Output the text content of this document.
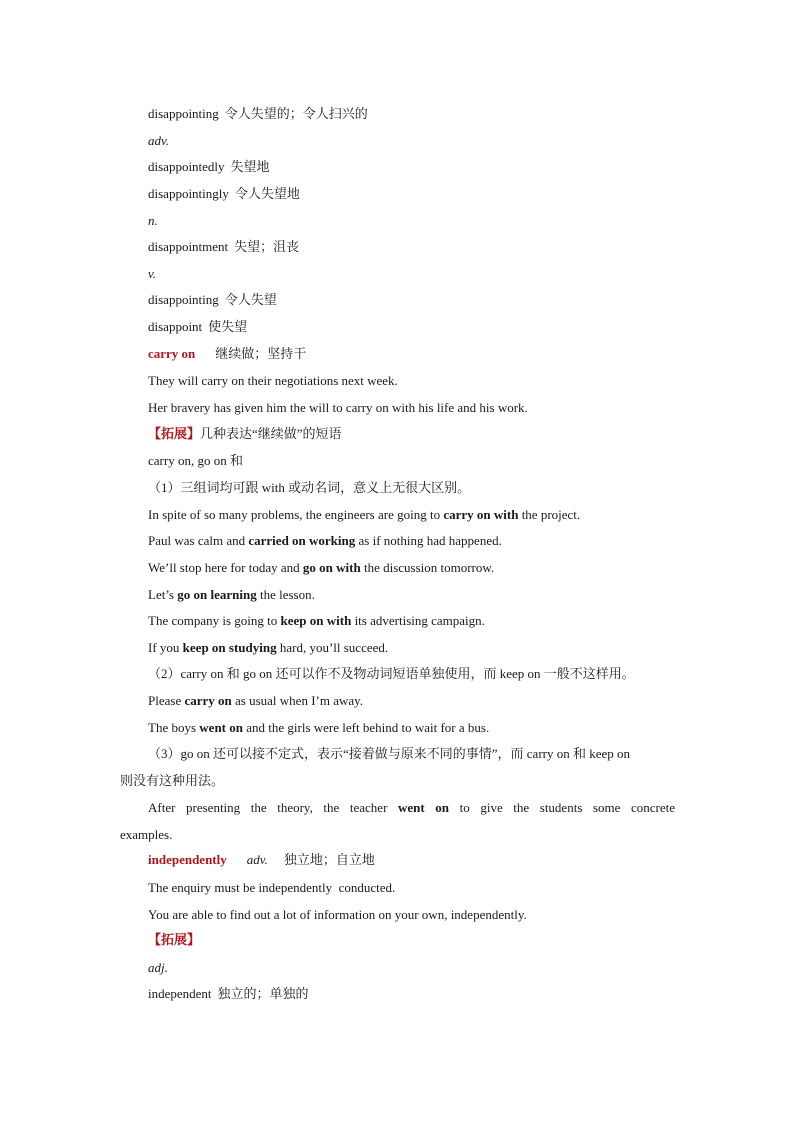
disappointing 令人失望的；令人扫兴的
adv.
disappointedly 失望地
disappointingly 令人失望地
n.
disappointment 失望；沮丧
v.
disappointing 令人失望
disappoint 使失望
carry on 继续做；坚持干
They will carry on their negotiations next week.
Her bravery has given him the will to carry on with his life and his work.
【拓展】几种表达“继续做”的短语
carry on, go on 和
（1）三组词均可跟 with 或动名词，意义上无很大区别。
In spite of so many problems, the engineers are going to carry on with the project.
Paul was calm and carried on working as if nothing had happened.
We’ll stop here for today and go on with the discussion tomorrow.
Let’s go on learning the lesson.
The company is going to keep on with its advertising campaign.
If you keep on studying hard, you’ll succeed.
（2）carry on 和 go on 还可以作不及物动词短语单独使用，而 keep on 一般不这样用。
Please carry on as usual when I’m away.
The boys went on and the girls were left behind to wait for a bus.
（3）go on 还可以接不定式，表示“接着做与原来不同的事情”，而 carry on 和 keep on
则没有这种用法。
After presenting the theory, the teacher went on to give the students some concrete
examples.
independently adv. 独立地；自立地
The enquiry must be independently  conducted.
You are able to find out a lot of information on your own, independently.
【拓展】
adj.
independent 独立的；单独的
